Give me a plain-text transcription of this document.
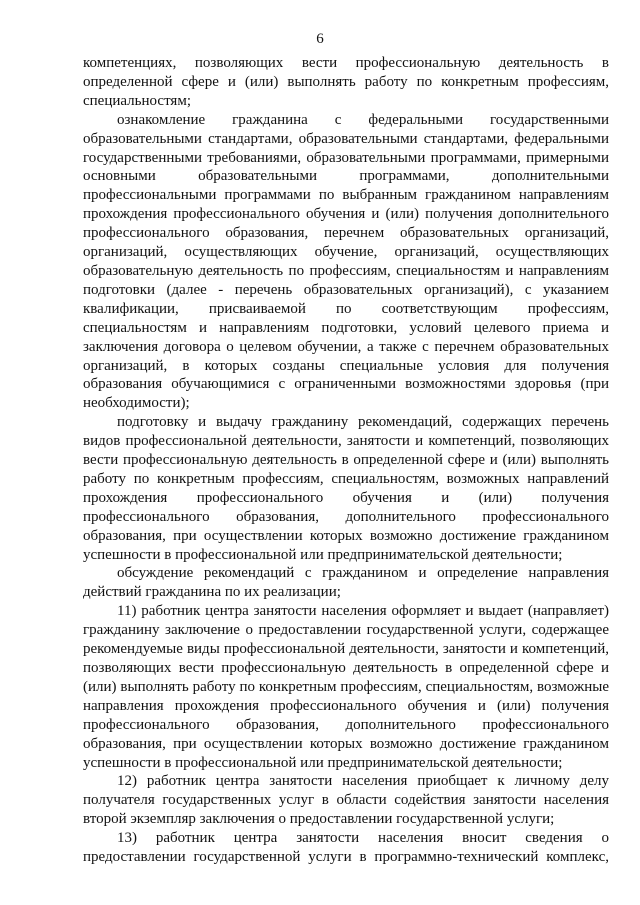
6

компетенциях, позволяющих вести профессиональную деятельность в определенной сфере и (или) выполнять работу по конкретным профессиям, специальностям;

ознакомление гражданина с федеральными государственными образовательными стандартами, образовательными стандартами, федеральными государственными требованиями, образовательными программами, примерными основными образовательными программами, дополнительными профессиональными программами по выбранным гражданином направлениям прохождения профессионального обучения и (или) получения дополнительного профессионального образования, перечнем образовательных организаций, организаций, осуществляющих обучение, организаций, осуществляющих образовательную деятельность по профессиям, специальностям и направлениям подготовки (далее - перечень образовательных организаций), с указанием квалификации, присваиваемой по соответствующим профессиям, специальностям и направлениям подготовки, условий целевого приема и заключения договора о целевом обучении, а также с перечнем образовательных организаций, в которых созданы специальные условия для получения образования обучающимися с ограниченными возможностями здоровья (при необходимости);

подготовку и выдачу гражданину рекомендаций, содержащих перечень видов профессиональной деятельности, занятости и компетенций, позволяющих вести профессиональную деятельность в определенной сфере и (или) выполнять работу по конкретным профессиям, специальностям, возможных направлений прохождения профессионального обучения и (или) получения профессионального образования, дополнительного профессионального образования, при осуществлении которых возможно достижение гражданином успешности в профессиональной или предпринимательской деятельности;

обсуждение рекомендаций с гражданином и определение направления действий гражданина по их реализации;

11) работник центра занятости населения оформляет и выдает (направляет) гражданину заключение о предоставлении государственной услуги, содержащее рекомендуемые виды профессиональной деятельности, занятости и компетенций, позволяющих вести профессиональную деятельность в определенной сфере и (или) выполнять работу по конкретным профессиям, специальностям, возможные направления прохождения профессионального обучения и (или) получения профессионального образования, дополнительного профессионального образования, при осуществлении которых возможно достижение гражданином успешности в профессиональной или предпринимательской деятельности;

12) работник центра занятости населения приобщает к личному делу получателя государственных услуг в области содействия занятости населения второй экземпляр заключения о предоставлении государственной услуги;

13) работник центра занятости населения вносит сведения о предоставлении государственной услуги в программно-технический комплекс,
